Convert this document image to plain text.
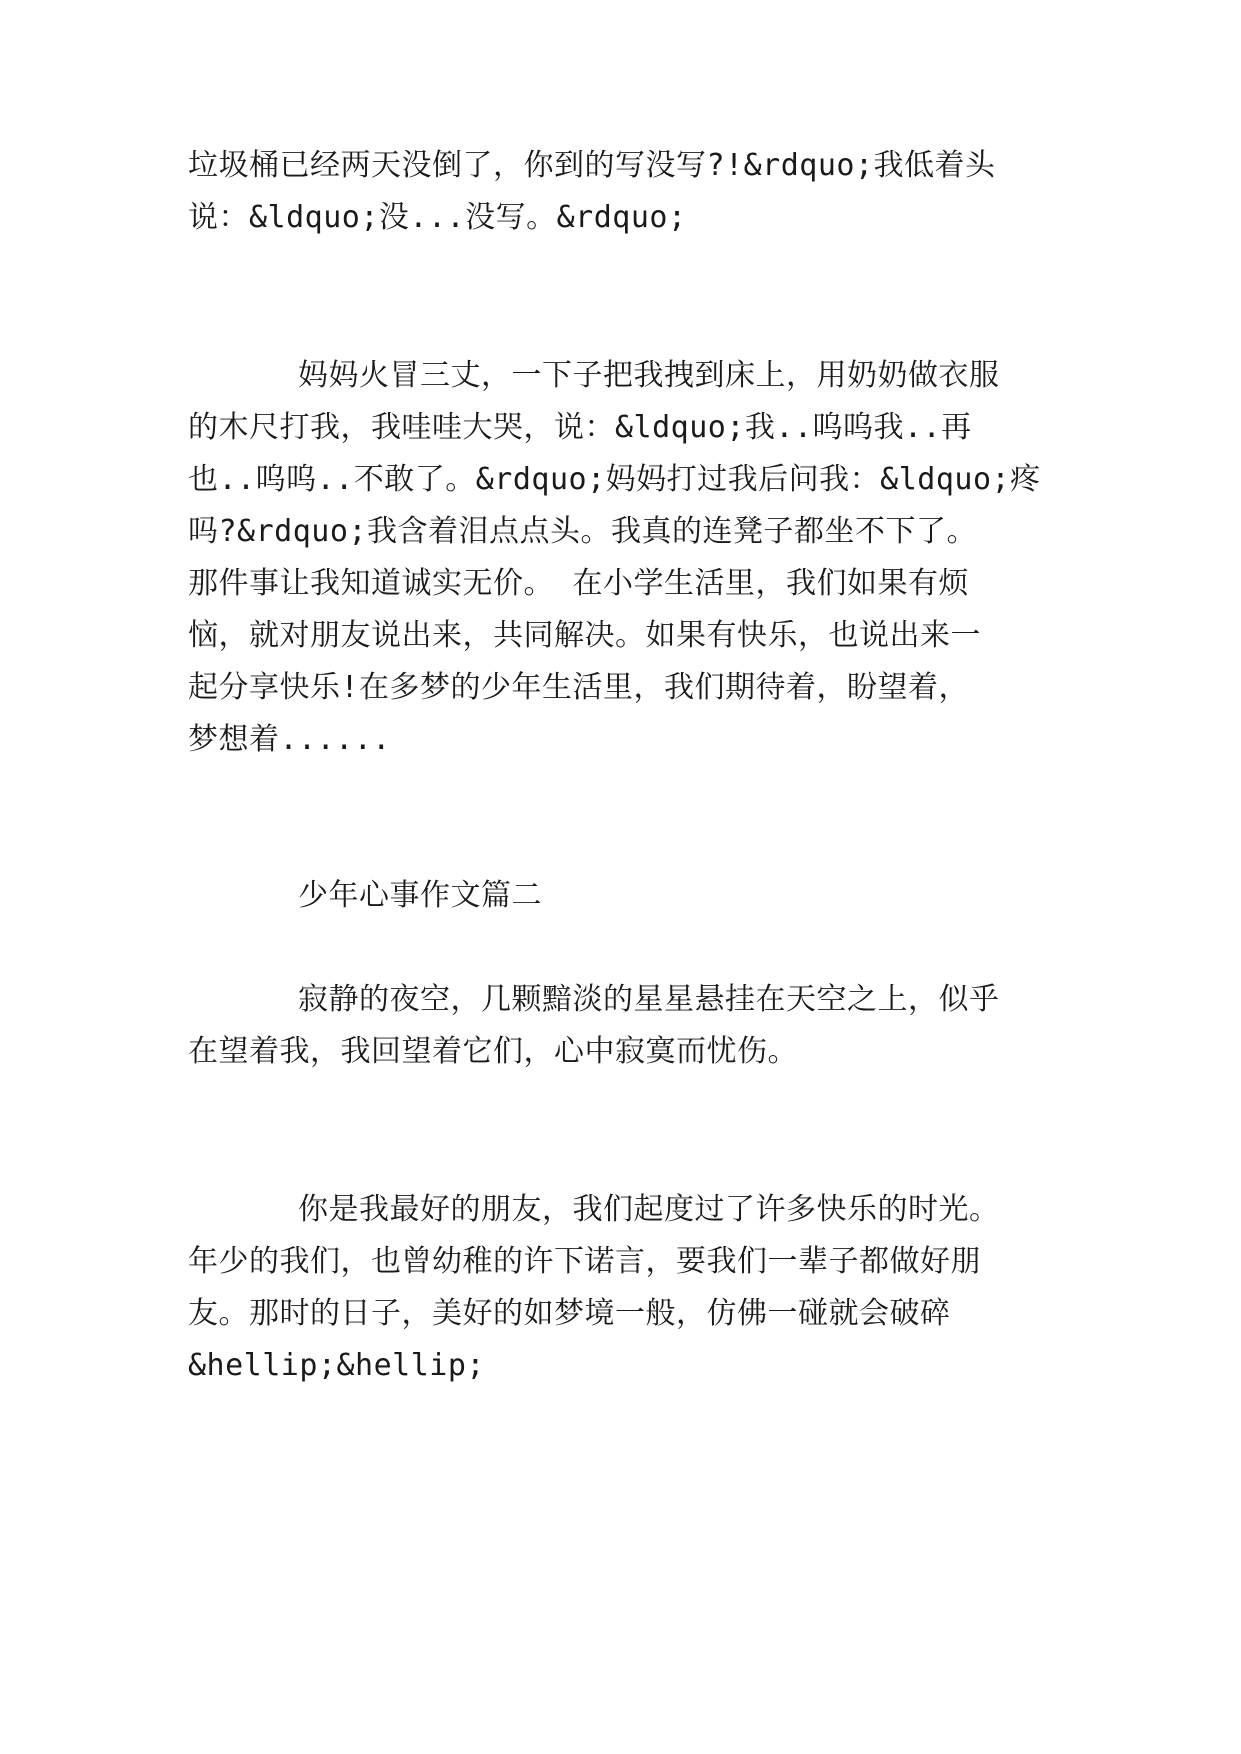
垃圾桶已经两天没倒了，你到的写没写?!&rdquo;我低着头
说：&ldquo;没...没写。&rdquo;
妈妈火冒三丈，一下子把我拽到床上，用奶奶做衣服
的木尺打我，我哇哇大哭，说：&ldquo;我..呜呜我..再
也..呜呜..不敢了。&rdquo;妈妈打过我后问我：&ldquo;疼
吗?&rdquo;我含着泪点点头。我真的连凳子都坐不下了。
那件事让我知道诚实无价。 在小学生活里，我们如果有烦
恼，就对朋友说出来，共同解决。如果有快乐，也说出来一
起分享快乐!在多梦的少年生活里，我们期待着，盼望着，
梦想着......
少年心事作文篇二
寂静的夜空，几颗黯淡的星星悬挂在天空之上，似乎
在望着我，我回望着它们，心中寂寞而忧伤。
你是我最好的朋友，我们起度过了许多快乐的时光。
年少的我们，也曾幼稚的许下诺言，要我们一辈子都做好朋
友。那时的日子，美好的如梦境一般，仿佛一碰就会破碎
&hellip;&hellip;
